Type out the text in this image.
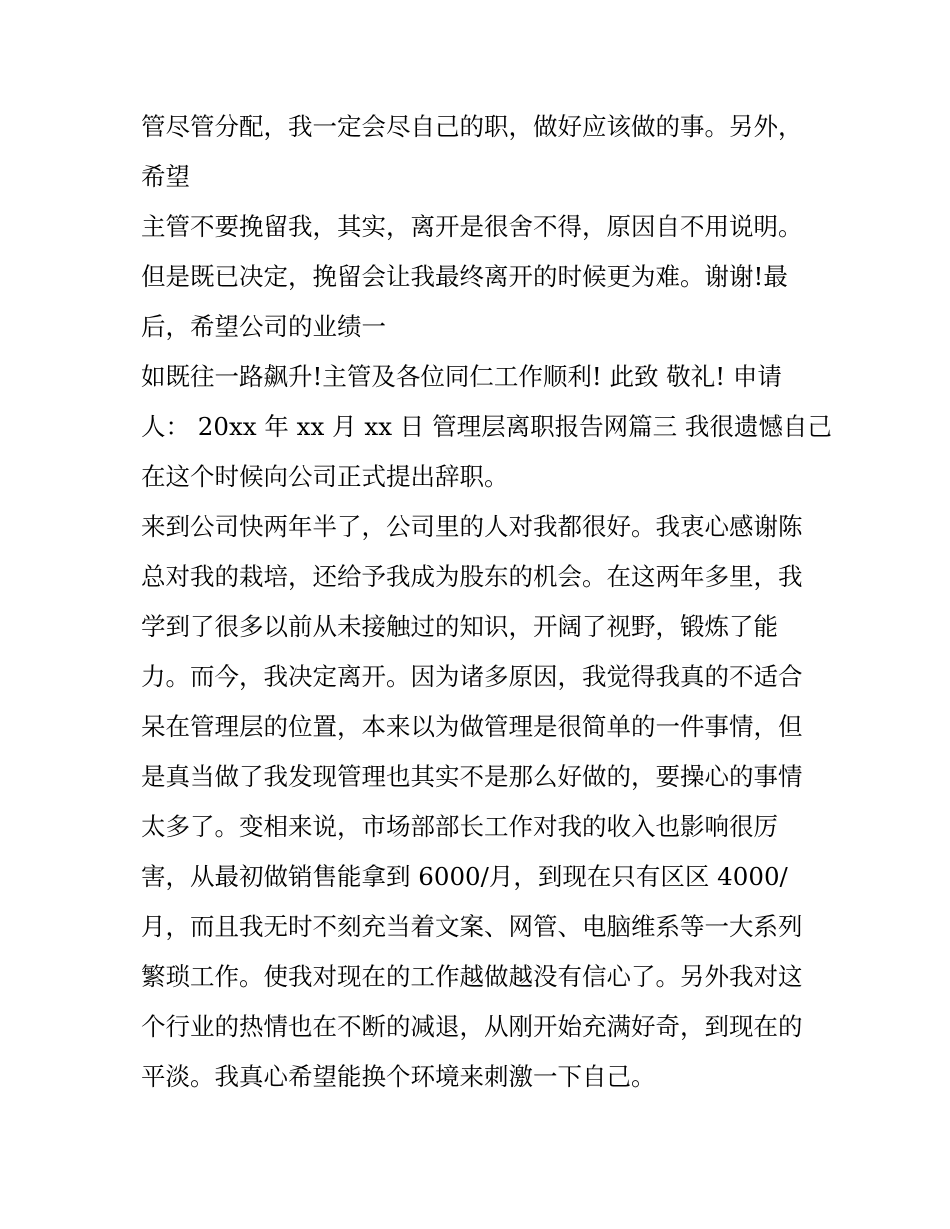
管尽管分配，我一定会尽自己的职，做好应该做的事。另外，
希望
主管不要挽留我，其实，离开是很舍不得，原因自不用说明。
但是既已决定，挽留会让我最终离开的时候更为难。谢谢!最
后，希望公司的业绩一
如既往一路飙升!主管及各位同仁工作顺利! 此致 敬礼! 申请
人： 20xx 年 xx 月 xx 日 管理层离职报告网篇三 我很遗憾自己
在这个时候向公司正式提出辞职。
来到公司快两年半了，公司里的人对我都很好。我衷心感谢陈
总对我的栽培，还给予我成为股东的机会。在这两年多里，我
学到了很多以前从未接触过的知识，开阔了视野，锻炼了能
力。而今，我决定离开。因为诸多原因，我觉得我真的不适合
呆在管理层的位置，本来以为做管理是很简单的一件事情，但
是真当做了我发现管理也其实不是那么好做的，要操心的事情
太多了。变相来说，市场部部长工作对我的收入也影响很厉
害，从最初做销售能拿到 6000/月，到现在只有区区 4000/
月，而且我无时不刻充当着文案、网管、电脑维系等一大系列
繁琐工作。使我对现在的工作越做越没有信心了。另外我对这
个行业的热情也在不断的减退，从刚开始充满好奇，到现在的
平淡。我真心希望能换个环境来刺激一下自己。
